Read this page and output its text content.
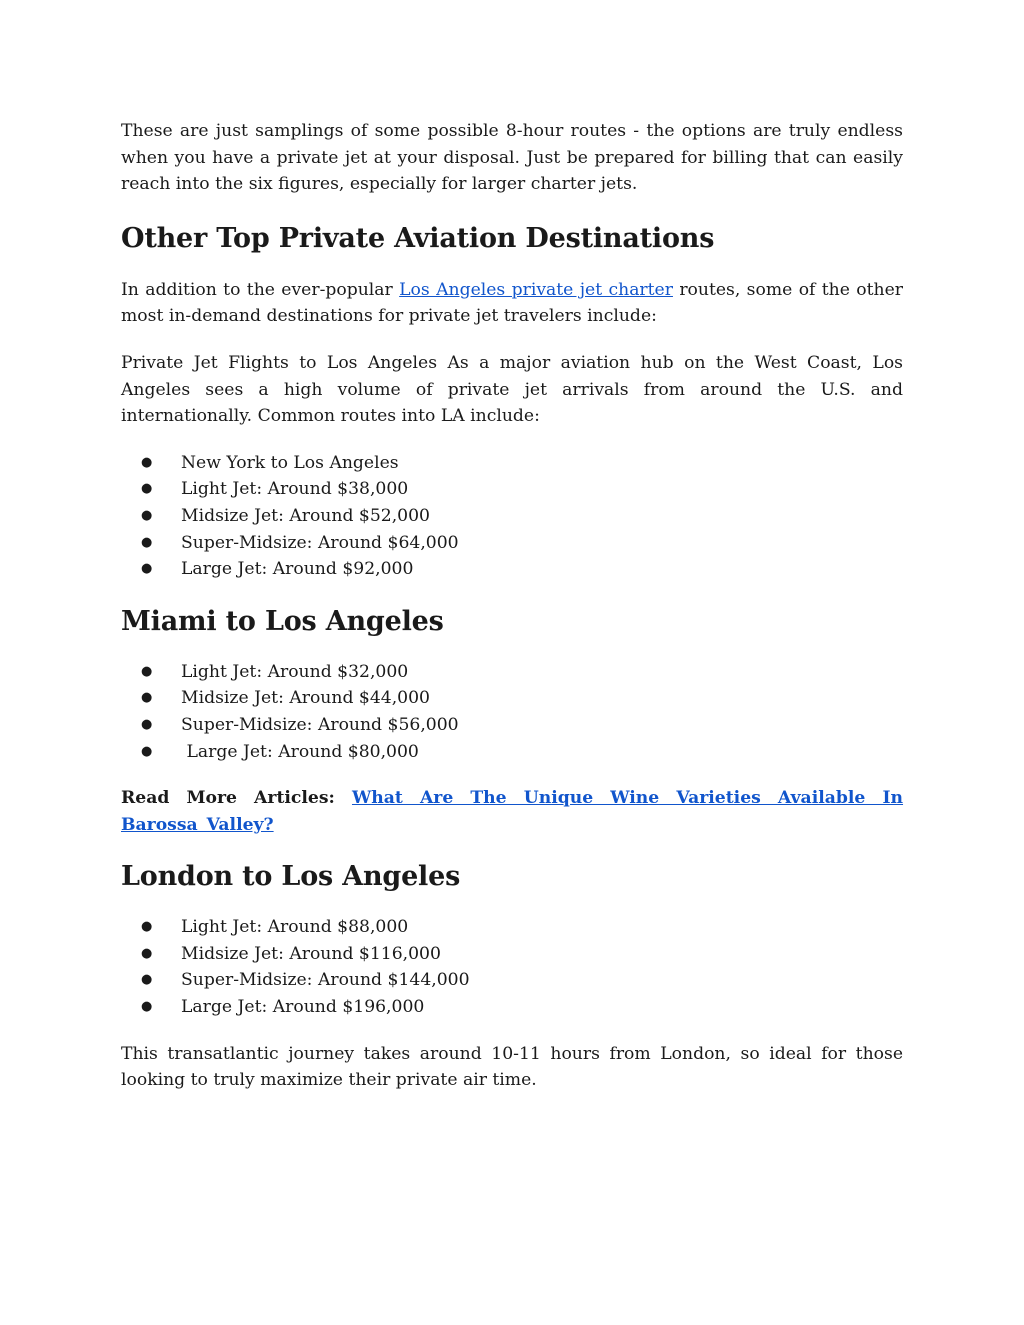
These are just samplings of some possible 8-hour routes - the options are truly endless when you have a private jet at your disposal. Just be prepared for billing that can easily reach into the six figures, especially for larger charter jets.

Other Top Private Aviation Destinations

In addition to the ever-popular Los Angeles private jet charter routes, some of the other most in-demand destinations for private jet travelers include:

Private Jet Flights to Los Angeles As a major aviation hub on the West Coast, Los Angeles sees a high volume of private jet arrivals from around the U.S. and internationally. Common routes into LA include:

● New York to Los Angeles
● Light Jet: Around $38,000
● Midsize Jet: Around $52,000
● Super-Midsize: Around $64,000
● Large Jet: Around $92,000
Miami to Los Angeles
● Light Jet: Around $32,000
● Midsize Jet: Around $44,000
● Super-Midsize: Around $56,000
● Large Jet: Around $80,000

Read More Articles: What Are The Unique Wine Varieties Available In Barossa Valley?

London to Los Angeles
● Light Jet: Around $88,000
● Midsize Jet: Around $116,000
● Super-Midsize: Around $144,000
● Large Jet: Around $196,000

This transatlantic journey takes around 10-11 hours from London, so ideal for those looking to truly maximize their private air time.
